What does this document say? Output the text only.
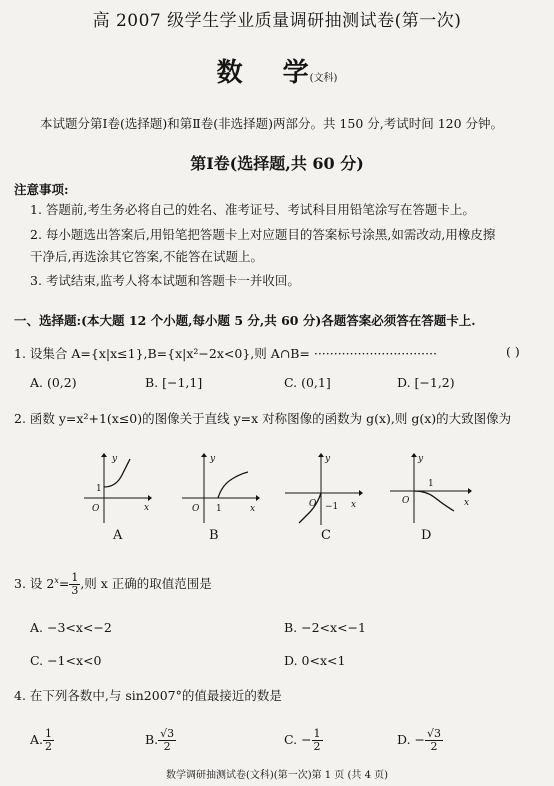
高 2007 级学生学业质量调研抽测试卷(第一次)
数 学(文科)
本试题分第Ⅰ卷(选择题)和第Ⅱ卷(非选择题)两部分。共 150 分,考试时间 120 分钟。
第Ⅰ卷(选择题,共 60 分)
注意事项:
1. 答题前,考生务必将自己的姓名、准考证号、考试科目用铅笔涂写在答题卡上。
2. 每小题选出答案后,用铅笔把答题卡上对应题目的答案标号涂黑,如需改动,用橡皮擦
干净后,再选涂其它答案,不能答在试题上。
3. 考试结束,监考人将本试题和答题卡一并收回。
一、选择题:(本大题 12 个小题,每小题 5 分,共 60 分)各题答案必须答在答题卡上.
1. 设集合 A={x|x≤1},B={x|x²−2x<0},则 A∩B= ·······························	( )
A. (0,2)	B. [−1,1]	C. (0,1]	D. [−1,2)
2. 函数 y=x²+1(x≤0)的图像关于直线 y=x 对称图像的函数为 g(x),则 g(x)的大致图像为
y
1
O	x
A
y
O 1	x
B
y
O −1 x
C
y
O
1
x
D
3. 设 $2^x= \frac{1}{3}$ ,则 x 正确的取值范围是
A. −3<x<−2	B. −2<x<−1
C. −1<x<0	D. 0<x<1
4. 在下列各数中,与 sin2007°的值最接近的数是
A. $\frac{1}{2}$	B. $\frac{√3}{2}$	C. − $\frac{1}{2}$	D. − $\frac{√3}{2}$
数学调研抽测试卷(文科)(第一次)第 1 页 (共 4 页)
